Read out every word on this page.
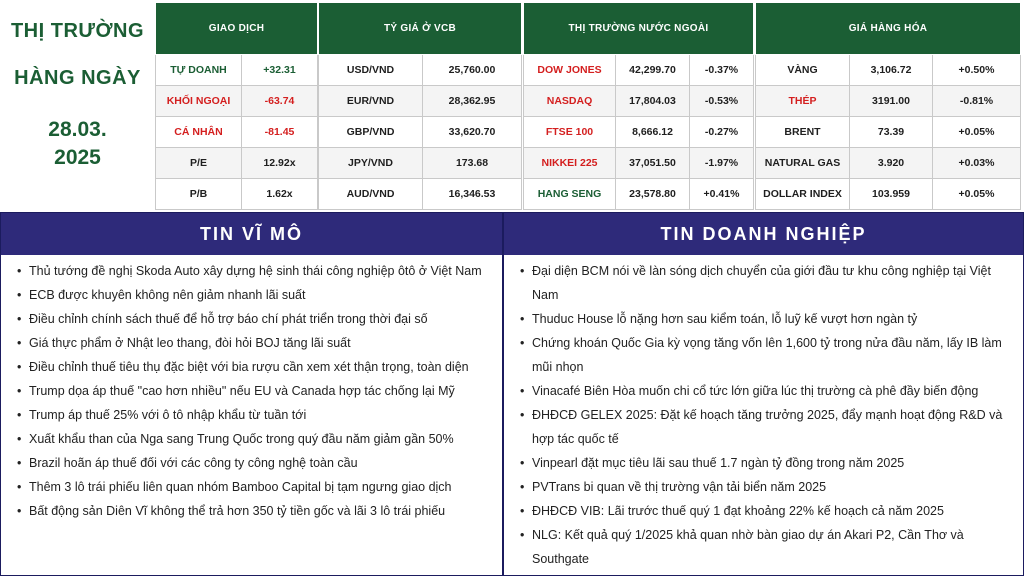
THỊ TRƯỜNG
HÀNG NGÀY
28.03. 2025
GIAO DỊCH	
TỰ DOANH	+32.31
KHỐI NGOẠI	-63.74
CÁ NHÂN	-81.45
P/E	12.92x
P/B	1.62x
TỶ GIÁ Ở VCB	
USD/VND	25,760.00
EUR/VND	28,362.95
GBP/VND	33,620.70
JPY/VND	173.68
AUD/VND	16,346.53
THỊ TRƯỜNG NƯỚC NGOÀI		
DOW JONES	42,299.70	-0.37%
NASDAQ	17,804.03	-0.53%
FTSE 100	8,666.12	-0.27%
NIKKEI 225	37,051.50	-1.97%
HANG SENG	23,578.80	+0.41%
GIÁ HÀNG HÓA		
VÀNG	3,106.72	+0.50%
THÉP	3191.00	-0.81%
BRENT	73.39	+0.05%
NATURAL GAS	3.920	+0.03%
DOLLAR INDEX	103.959	+0.05%
TIN VĨ MÔ
• Thủ tướng đề nghị Skoda Auto xây dựng hệ sinh thái công nghiệp ôtô ở Việt Nam
• ECB được khuyên không nên giảm nhanh lãi suất
• Điều chỉnh chính sách thuế để hỗ trợ báo chí phát triển trong thời đại số
• Giá thực phẩm ở Nhật leo thang, đòi hỏi BOJ tăng lãi suất
• Điều chỉnh thuế tiêu thụ đặc biệt với bia rượu cần xem xét thận trọng, toàn diện
• Trump dọa áp thuế "cao hơn nhiều" nếu EU và Canada hợp tác chống lại Mỹ
• Trump áp thuế 25% với ô tô nhập khẩu từ tuần tới
• Xuất khẩu than của Nga sang Trung Quốc trong quý đầu năm giảm gần 50%
• Brazil hoãn áp thuế đối với các công ty công nghệ toàn cầu
• Thêm 3 lô trái phiếu liên quan nhóm Bamboo Capital bị tạm ngưng giao dịch
• Bất động sản Diên Vĩ không thể trả hơn 350 tỷ tiền gốc và lãi 3 lô trái phiếu
TIN DOANH NGHIỆP
• Đại diện BCM nói về làn sóng dịch chuyển của giới đầu tư khu công nghiệp tại Việt Nam
• Thuduc House lỗ nặng hơn sau kiểm toán, lỗ luỹ kế vượt hơn ngàn tỷ
• Chứng khoán Quốc Gia kỳ vọng tăng vốn lên 1,600 tỷ trong nửa đầu năm, lấy IB làm mũi nhọn
• Vinacafé Biên Hòa muốn chi cổ tức lớn giữa lúc thị trường cà phê đầy biến động
• ĐHĐCĐ GELEX 2025: Đặt kế hoạch tăng trưởng 2025, đẩy mạnh hoạt động R&D và hợp tác quốc tế
• Vinpearl đặt mục tiêu lãi sau thuế 1.7 ngàn tỷ đồng trong năm 2025
• PVTrans bi quan về thị trường vận tải biển năm 2025
• ĐHĐCĐ VIB: Lãi trước thuế quý 1 đạt khoảng 22% kế hoạch cả năm 2025
• NLG: Kết quả quý 1/2025 khả quan nhờ bàn giao dự án Akari P2, Cần Thơ và Southgate
